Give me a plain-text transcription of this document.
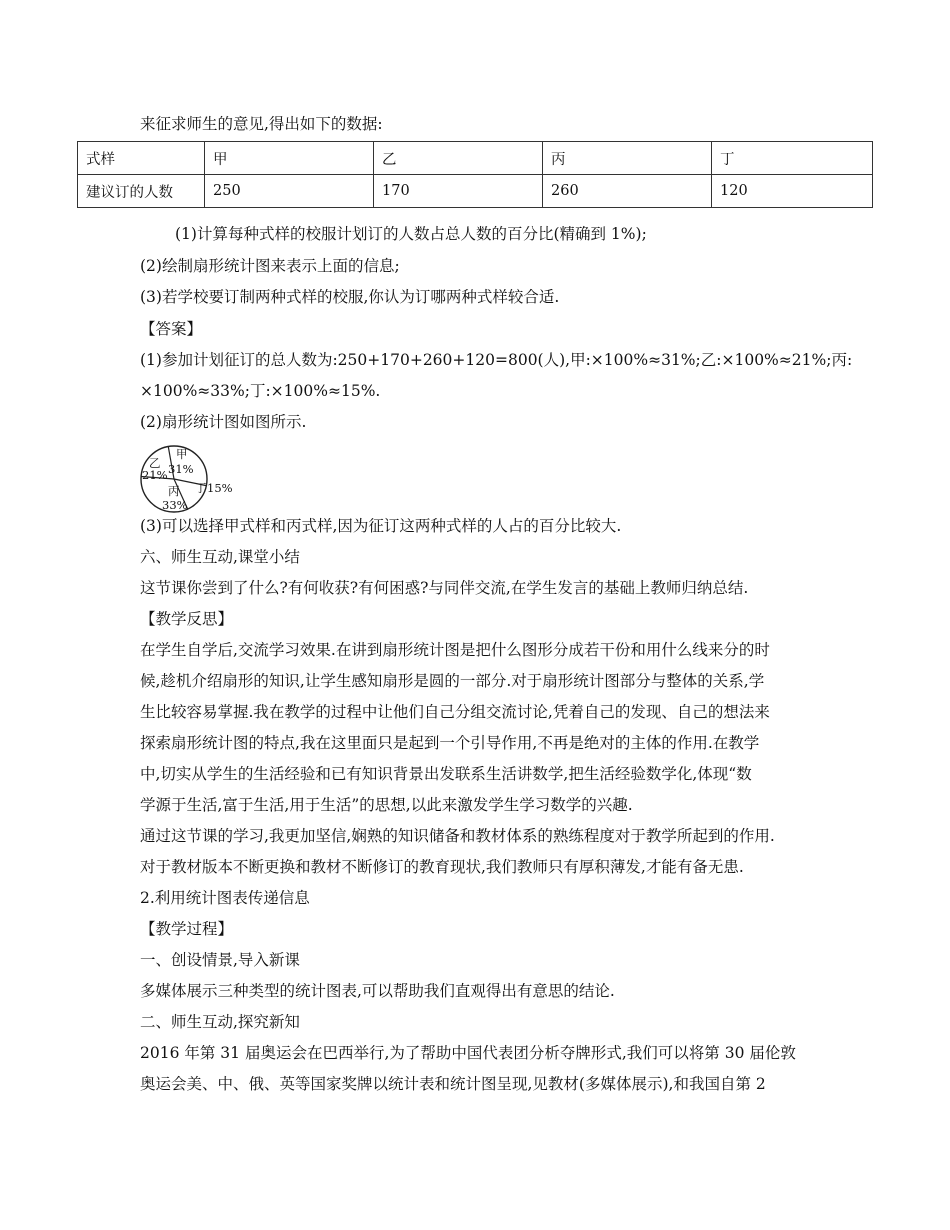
来征求师生的意见,得出如下的数据:
式样	甲	乙	丙	丁
建议订的人数	250	170	260	120
(1)计算每种式样的校服计划订的人数占总人数的百分比(精确到 1%);
(2)绘制扇形统计图来表示上面的信息;
(3)若学校要订制两种式样的校服,你认为订哪两种式样较合适.
【答案】
(1)参加计划征订的总人数为:250+170+260+120=800(人),甲:×100%≈31%;乙:×100%≈21%;丙:
×100%≈33%;丁:×100%≈15%.
(2)扇形统计图如图所示.
甲
31%
乙
21%
丙
33%
丁 15%
(3)可以选择甲式样和丙式样,因为征订这两种式样的人占的百分比较大.
六、师生互动,课堂小结
这节课你尝到了什么?有何收获?有何困惑?与同伴交流,在学生发言的基础上教师归纳总结.
【教学反思】
在学生自学后,交流学习效果.在讲到扇形统计图是把什么图形分成若干份和用什么线来分的时
候,趁机介绍扇形的知识,让学生感知扇形是圆的一部分.对于扇形统计图部分与整体的关系,学
生比较容易掌握.我在教学的过程中让他们自己分组交流讨论,凭着自己的发现、自己的想法来
探索扇形统计图的特点,我在这里面只是起到一个引导作用,不再是绝对的主体的作用.在教学
中,切实从学生的生活经验和已有知识背景出发联系生活讲数学,把生活经验数学化,体现“数
学源于生活,富于生活,用于生活”的思想,以此来激发学生学习数学的兴趣.
通过这节课的学习,我更加坚信,娴熟的知识储备和教材体系的熟练程度对于教学所起到的作用.
对于教材版本不断更换和教材不断修订的教育现状,我们教师只有厚积薄发,才能有备无患.
2.利用统计图表传递信息
【教学过程】
一、创设情景,导入新课
多媒体展示三种类型的统计图表,可以帮助我们直观得出有意思的结论.
二、师生互动,探究新知
2016 年第 31 届奥运会在巴西举行,为了帮助中国代表团分析夺牌形式,我们可以将第 30 届伦敦
奥运会美、中、俄、英等国家奖牌以统计表和统计图呈现,见教材(多媒体展示),和我国自第 2
